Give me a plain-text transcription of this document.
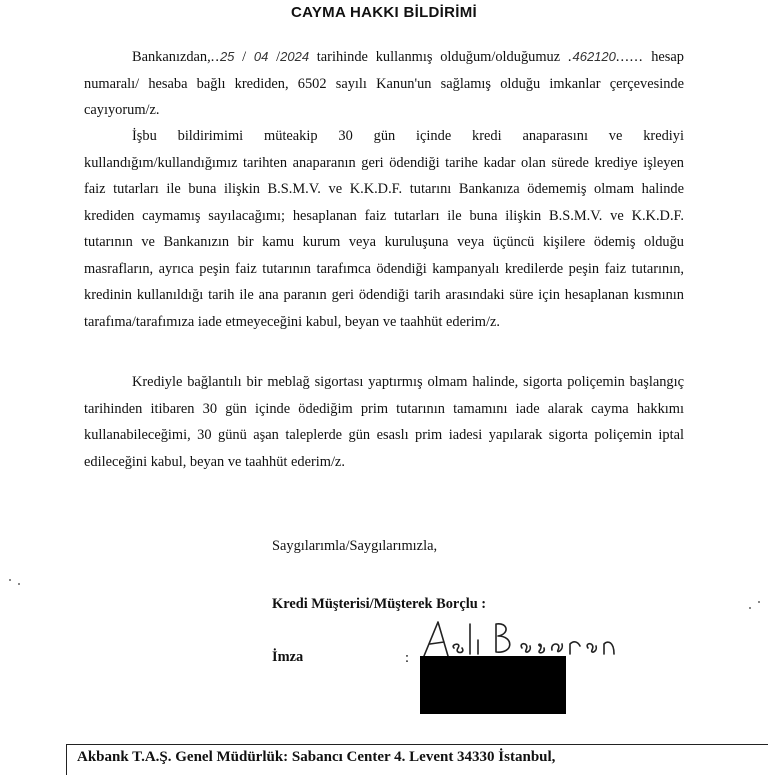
CAYMA HAKKI BİLDİRİMİ

Bankanızdan,..25 / 04 /2024 tarihinde kullanmış olduğum/olduğumuz .462120...... hesap numaralı/ hesaba bağlı krediden, 6502 sayılı Kanun'un sağlamış olduğu imkanlar çerçevesinde cayıyorum/z.

İşbu bildirimimi müteakip 30 gün içinde kredi anaparasını ve krediyi kullandığım/kullandığımız tarihten anaparanın geri ödendiği tarihe kadar olan sürede krediye işleyen faiz tutarları ile buna ilişkin B.S.M.V. ve K.K.D.F. tutarını Bankanıza ödememiş olmam halinde krediden caymamış sayılacağımı; hesaplanan faiz tutarları ile buna ilişkin B.S.M.V. ve K.K.D.F. tutarının ve Bankanızın bir kamu kurum veya kuruluşuna veya üçüncü kişilere ödemiş olduğu masrafların, ayrıca peşin faiz tutarının tarafımca ödendiği kampanyalı kredilerde peşin faiz tutarının, kredinin kullanıldığı tarih ile ana paranın geri ödendiği tarih arasındaki süre için hesaplanan kısmının tarafıma/tarafımıza iade etmeyeceğini kabul, beyan ve taahhüt ederim/z.

Krediyle bağlantılı bir meblağ sigortası yaptırmış olmam halinde, sigorta poliçemin başlangıç tarihinden itibaren 30 gün içinde ödediğim prim tutarının tamamını iade alarak cayma hakkımı kullanabileceğimi, 30 günü aşan taleplerde gün esaslı prim iadesi yapılarak sigorta poliçemin iptal edileceğini kabul, beyan ve taahhüt ederim/z.

Saygılarımla/Saygılarımızla,
Kredi Müşterisi/Müşterek Borçlu :
İmza	:
Akbank T.A.Ş. Genel Müdürlük: Sabancı Center 4. Levent 34330 İstanbul,
